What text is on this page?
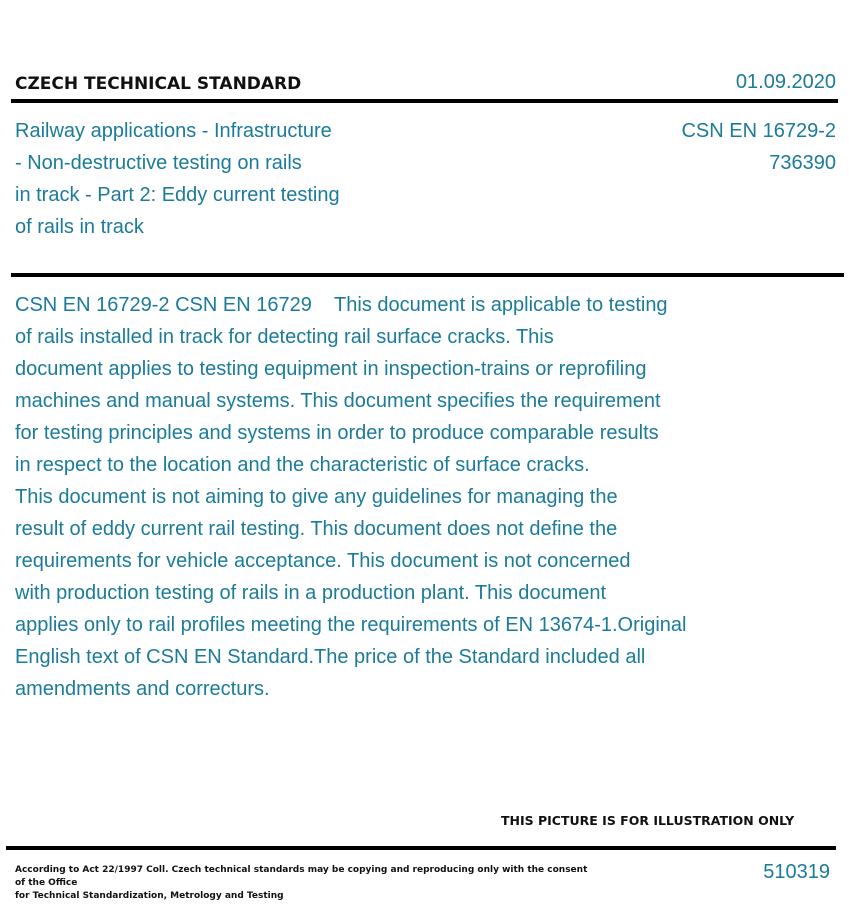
CZECH TECHNICAL STANDARD	01.09.2020
Railway applications - Infrastructure
- Non-destructive testing on rails
in track - Part 2: Eddy current testing
of rails in track
CSN EN 16729-2
736390
CSN EN 16729-2 CSN EN 16729    This document is applicable to testing
of rails installed in track for detecting rail surface cracks. This
document applies to testing equipment in inspection-trains or reprofiling
machines and manual systems. This document specifies the requirement
for testing principles and systems in order to produce comparable results
in respect to the location and the characteristic of surface cracks.
This document is not aiming to give any guidelines for managing the
result of eddy current rail testing. This document does not define the
requirements for vehicle acceptance. This document is not concerned
with production testing of rails in a production plant. This document
applies only to rail profiles meeting the requirements of EN 13674-1.Original
English text of CSN EN Standard.The price of the Standard included all
amendments and correcturs.
THIS PICTURE IS FOR ILLUSTRATION ONLY
According to Act 22/1997 Coll. Czech technical standards may be copying and reproducing only with the consent of the Office
for Technical Standardization, Metrology and Testing
510319
